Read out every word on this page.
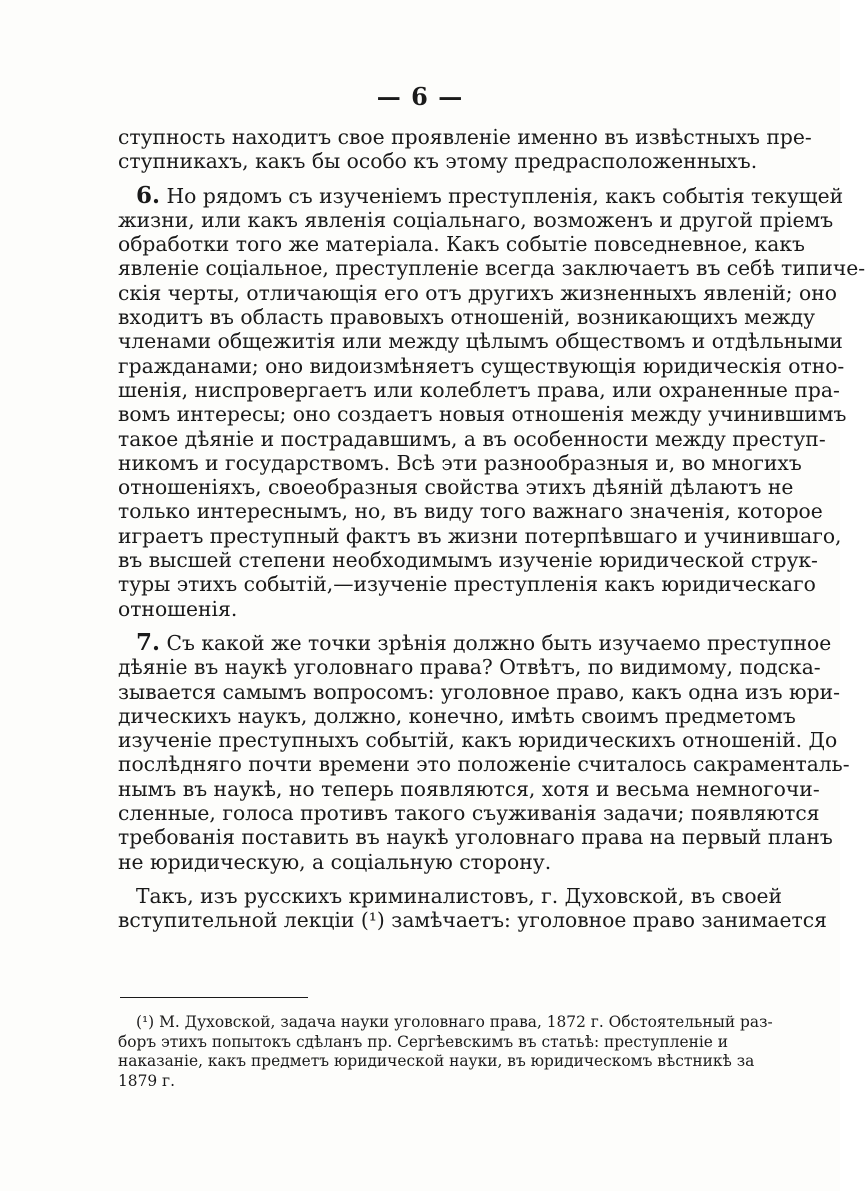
— 6 —
ступность находитъ свое проявленіе именно въ извѣстныхъ пре-
ступникахъ, какъ бы особо къ этому предрасположенныхъ.
6. Но рядомъ съ изученіемъ преступленія, какъ событія текущей
жизни, или какъ явленія соціальнаго, возможенъ и другой пріемъ
обработки того же матеріала. Какъ событіе повседневное, какъ
явленіе соціальное, преступленіе всегда заключаетъ въ себѣ типиче-
скія черты, отличающія его отъ другихъ жизненныхъ явленій; оно
входитъ въ область правовыхъ отношеній, возникающихъ между
членами общежитія или между цѣлымъ обществомъ и отдѣльными
гражданами; оно видоизмѣняетъ существующія юридическія отно-
шенія, ниспровергаетъ или колеблетъ права, или охраненные пра-
вомъ интересы; оно создаетъ новыя отношенія между учинившимъ
такое дѣяніе и пострадавшимъ, а въ особенности между преступ-
никомъ и государствомъ. Всѣ эти разнообразныя и, во многихъ
отношеніяхъ, своеобразныя свойства этихъ дѣяній дѣлаютъ не
только интереснымъ, но, въ виду того важнаго значенія, которое
играетъ преступный фактъ въ жизни потерпѣвшаго и учинившаго,
въ высшей степени необходимымъ изученіе юридической струк-
туры этихъ событій,—изученіе преступленія какъ юридическаго
отношенія.
7. Съ какой же точки зрѣнія должно быть изучаемо преступное
дѣяніе въ наукѣ уголовнаго права? Отвѣтъ, по видимому, подска-
зывается самымъ вопросомъ: уголовное право, какъ одна изъ юри-
дическихъ наукъ, должно, конечно, имѣть своимъ предметомъ
изученіе преступныхъ событій, какъ юридическихъ отношеній. До
послѣдняго почти времени это положеніе считалось сакраменталь-
нымъ въ наукѣ, но теперь появляются, хотя и весьма немногочи-
сленные, голоса противъ такого съуживанія задачи; появляются
требованія поставить въ наукѣ уголовнаго права на первый планъ
не юридическую, а соціальную сторону.
Такъ, изъ русскихъ криминалистовъ, г. Духовской, въ своей
вступительной лекціи (¹) замѣчаетъ: уголовное право занимается
(¹) М. Духовской, задача науки уголовнаго права, 1872 г. Обстоятельный раз-
боръ этихъ попытокъ сдѣланъ пр. Сергѣевскимъ въ статьѣ: преступленіе и
наказаніе, какъ предметъ юридической науки, въ юридическомъ вѣстникѣ за
1879 г.
